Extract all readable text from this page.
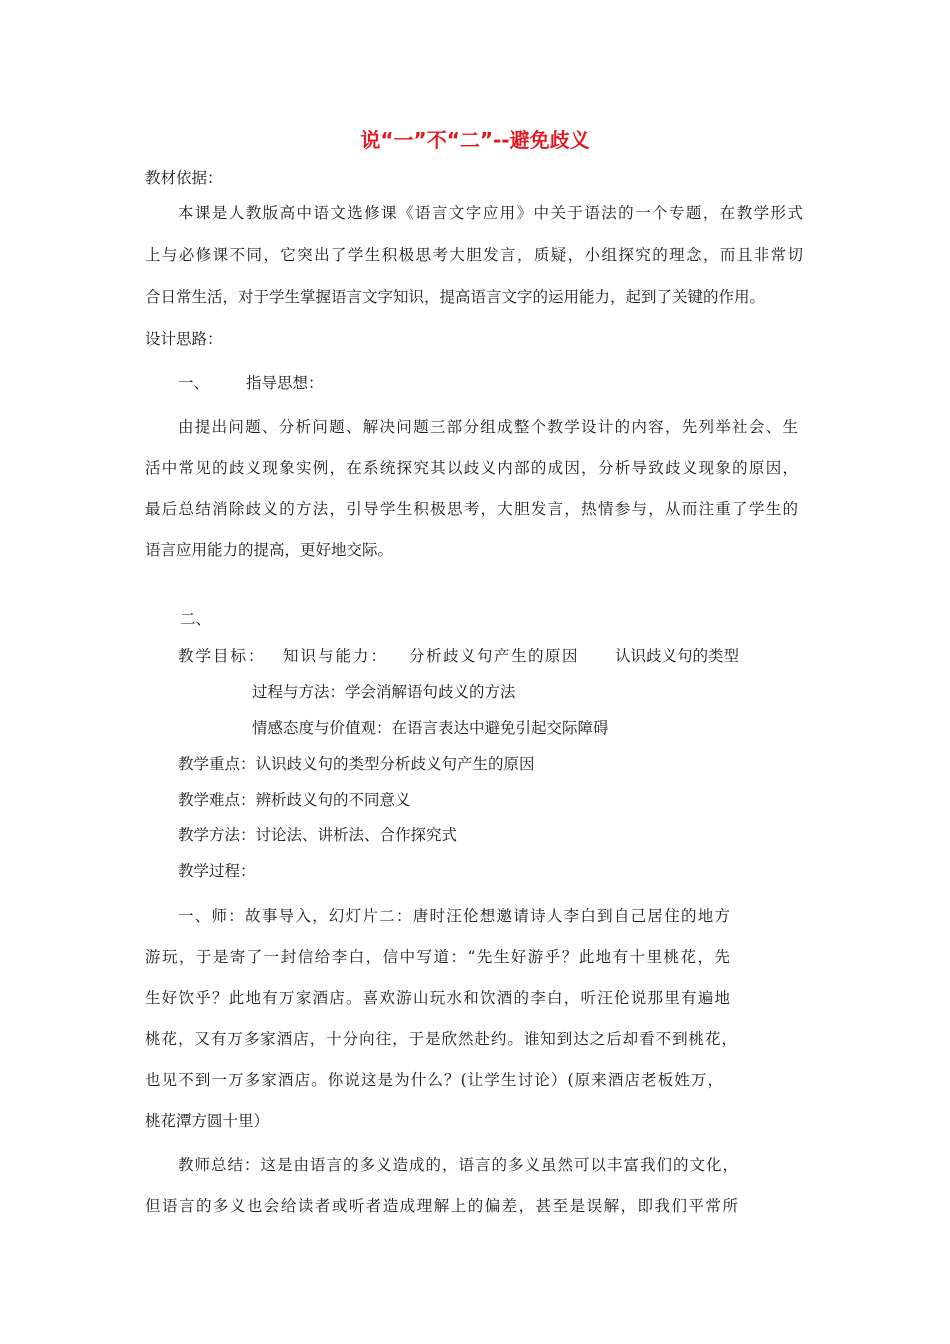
说“一”不“二”--避免歧义
教材依据：
本课是人教版高中语文选修课《语言文字应用》中关于语法的一个专题，在教学形式
上与必修课不同，它突出了学生积极思考大胆发言，质疑，小组探究的理念，而且非常切
合日常生活，对于学生掌握语言文字知识，提高语言文字的运用能力，起到了关键的作用。
设计思路：
一、 指导思想：
由提出问题、分析问题、解决问题三部分组成整个教学设计的内容，先列举社会、生
活中常见的歧义现象实例，在系统探究其以歧义内部的成因，分析导致歧义现象的原因，
最后总结消除歧义的方法，引导学生积极思考，大胆发言，热情参与，从而注重了学生的
语言应用能力的提高，更好地交际。
二、
教学目标： 知识与能力： 分析歧义句产生的原因 认识歧义句的类型
过程与方法：学会消解语句歧义的方法
情感态度与价值观：在语言表达中避免引起交际障碍
教学重点：认识歧义句的类型分析歧义句产生的原因
教学难点：辨析歧义句的不同意义
教学方法：讨论法、讲析法、合作探究式
教学过程：
一、师：故事导入，幻灯片二：唐时汪伦想邀请诗人李白到自己居住的地方
游玩，于是寄了一封信给李白，信中写道：“先生好游乎？此地有十里桃花，先
生好饮乎？此地有万家酒店。喜欢游山玩水和饮酒的李白，听汪伦说那里有遍地
桃花，又有万多家酒店，十分向往，于是欣然赴约。谁知到达之后却看不到桃花，
也见不到一万多家酒店。你说这是为什么？(让学生讨论）(原来酒店老板姓万，
桃花潭方圆十里）
教师总结：这是由语言的多义造成的，语言的多义虽然可以丰富我们的文化，
但语言的多义也会给读者或听者造成理解上的偏差，甚至是误解，即我们平常所
